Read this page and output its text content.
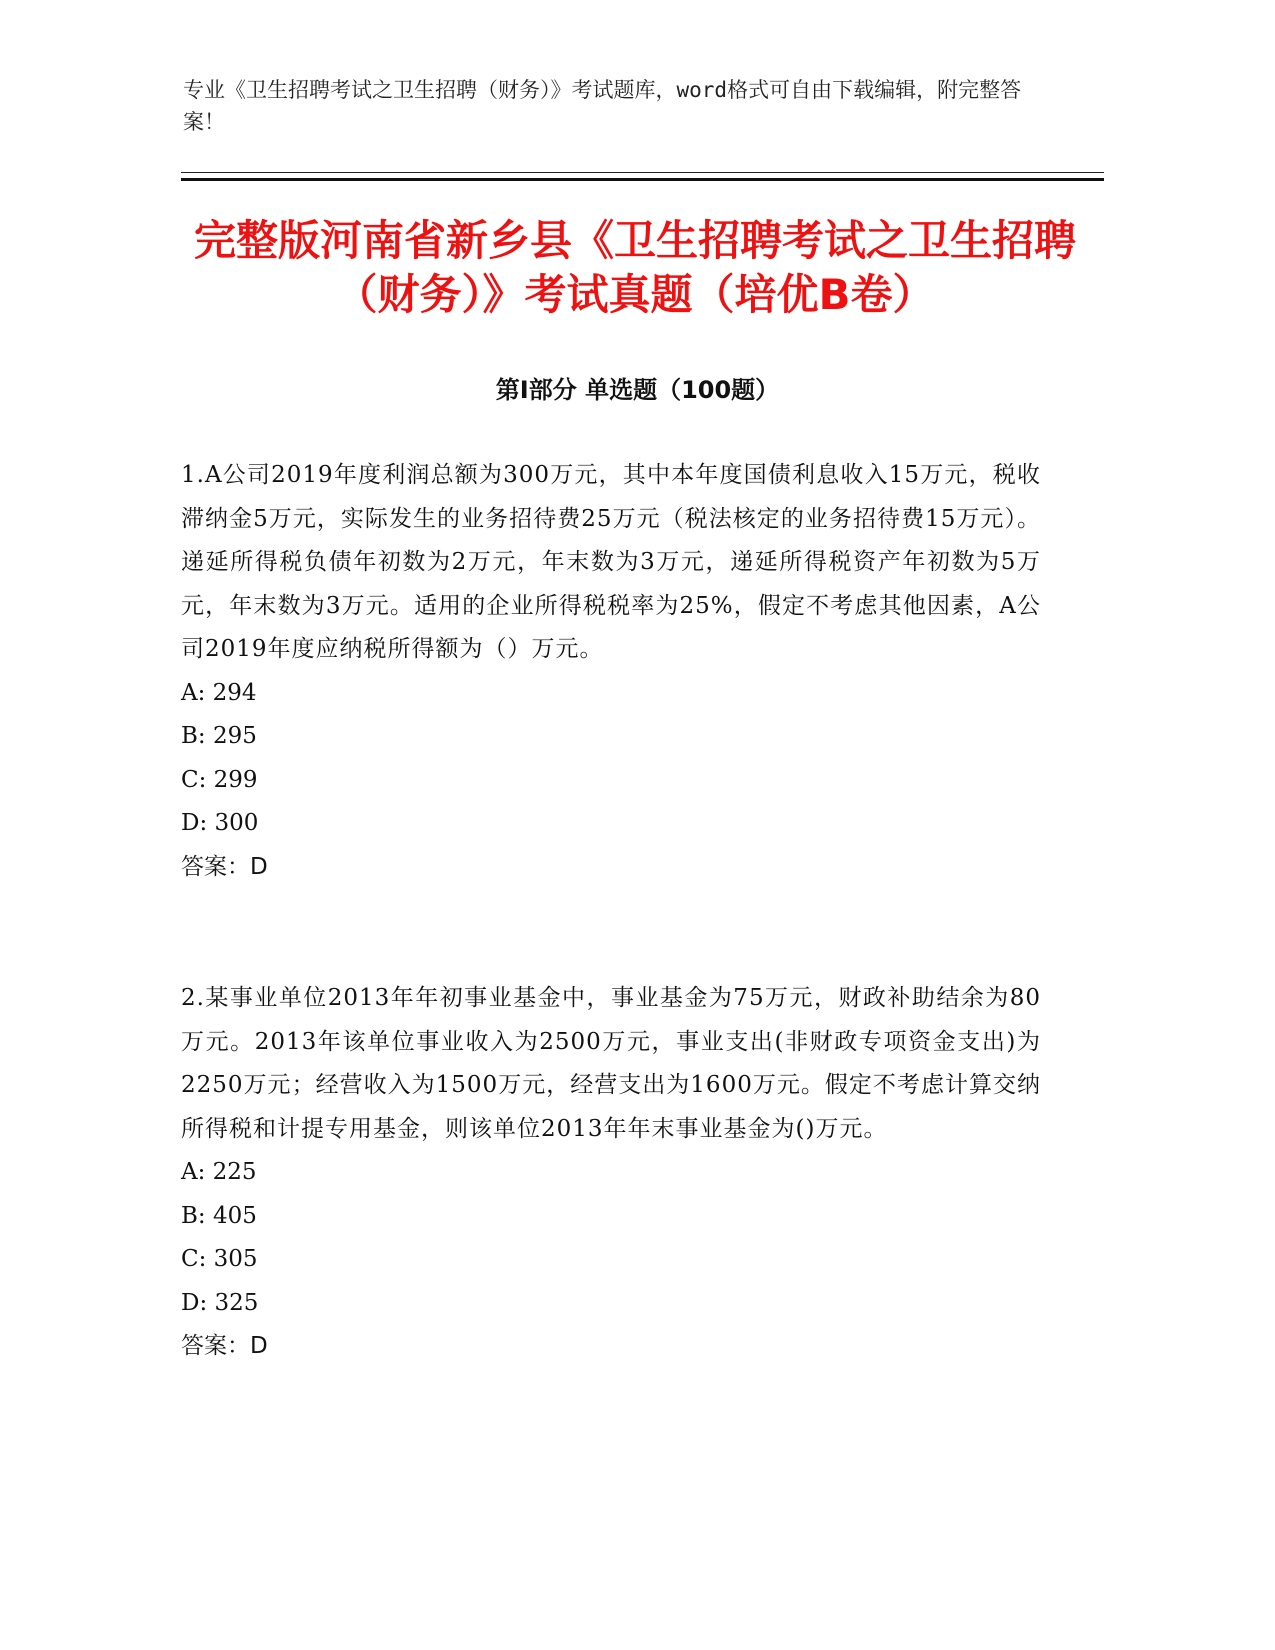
专业《卫生招聘考试之卫生招聘（财务）》考试题库，word格式可自由下载编辑，附完整答案！
完整版河南省新乡县《卫生招聘考试之卫生招聘（财务）》考试真题（培优B卷）
第Ⅰ部分 单选题（100题）

1.A公司2019年度利润总额为300万元，其中本年度国债利息收入15万元，税收滞纳金5万元，实际发生的业务招待费25万元（税法核定的业务招待费15万元）。递延所得税负债年初数为2万元，年末数为3万元，递延所得税资产年初数为5万元，年末数为3万元。适用的企业所得税税率为25%，假定不考虑其他因素，A公司2019年度应纳税所得额为（）万元。

A: 294

B: 295

C: 299

D: 300

答案：D

2.某事业单位2013年年初事业基金中，事业基金为75万元，财政补助结余为80万元。2013年该单位事业收入为2500万元，事业支出(非财政专项资金支出)为2250万元；经营收入为1500万元，经营支出为1600万元。假定不考虑计算交纳所得税和计提专用基金，则该单位2013年年末事业基金为()万元。

A: 225

B: 405

C: 305

D: 325

答案：D
